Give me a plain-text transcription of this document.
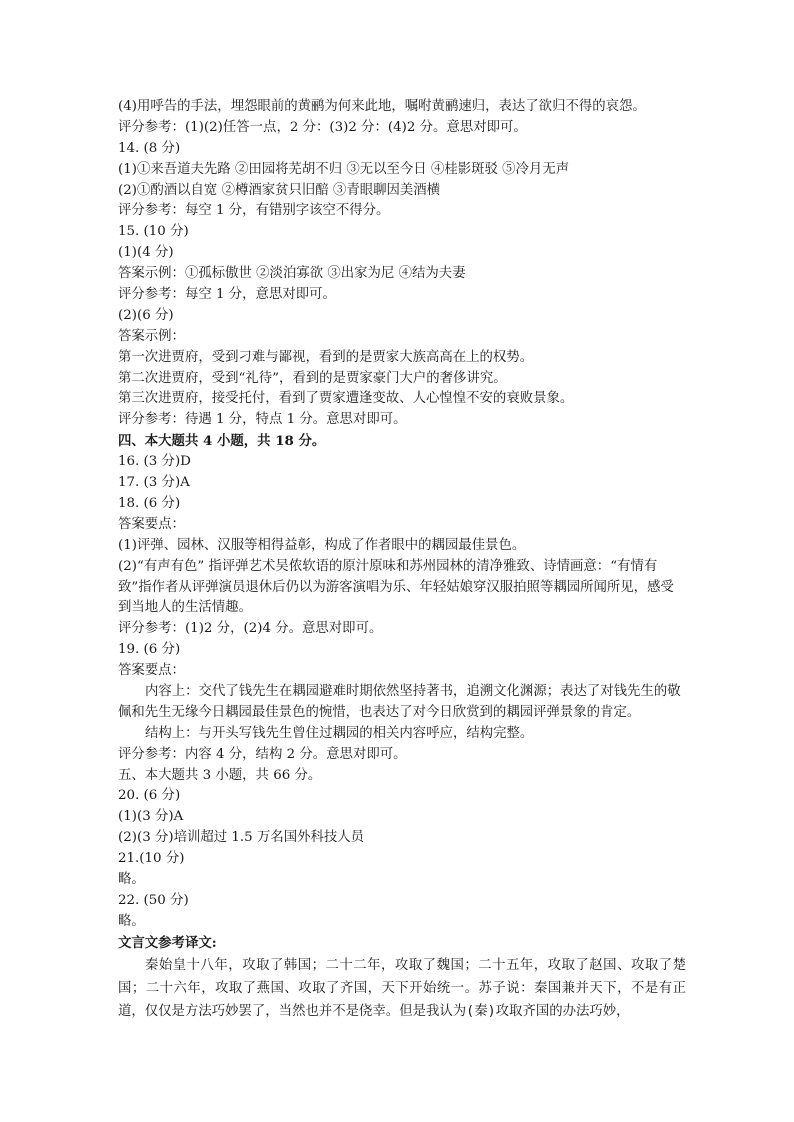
(4)用呼告的手法，埋怨眼前的黄鹂为何来此地，嘱咐黄鹂速归，表达了欲归不得的哀怨。
评分参考：(1)(2)任答一点，2 分：(3)2 分：(4)2 分。意思对即可。
14. (8 分)
(1)①来吾道夫先路 ②田园将芜胡不归 ③无以至今日 ④桂影斑驳 ⑤冷月无声
(2)①酌酒以自宽 ②樽酒家贫只旧醅 ③青眼聊因美酒横
评分参考：每空 1 分，有错别字该空不得分。
15. (10 分)
(1)(4 分)
答案示例：①孤标傲世 ②淡泊寡欲 ③出家为尼 ④结为夫妻
评分参考：每空 1 分，意思对即可。
(2)(6 分)
答案示例：
第一次进贾府，受到刁难与鄙视，看到的是贾家大族高高在上的权势。
第二次进贾府，受到“礼待”，看到的是贾家豪门大户的奢侈讲究。
第三次进贾府，接受托付，看到了贾家遭逢变故、人心惶惶不安的衰败景象。
评分参考：待遇 1 分，特点 1 分。意思对即可。
四、本大题共 4 小题，共 18 分。
16. (3 分)D
17. (3 分)A
18. (6 分)
答案要点：
(1)评弹、园林、汉服等相得益彰，构成了作者眼中的耦园最佳景色。
(2)“有声有色” 指评弹艺术吴侬软语的原汁原味和苏州园林的清净雅致、诗情画意：“有情有致”指作者从评弹演员退休后仍以为游客演唱为乐、年轻姑娘穿汉服拍照等耦园所闻所见，感受到当地人的生活情趣。
评分参考：(1)2 分，(2)4 分。意思对即可。
19. (6 分)
答案要点：
内容上：交代了钱先生在耦园避难时期依然坚持著书，追溯文化渊源；表达了对钱先生的敬佩和先生无缘今日耦园最佳景色的惋惜，也表达了对今日欣赏到的耦园评弹景象的肯定。
结构上：与开头写钱先生曾住过耦园的相关内容呼应，结构完整。
评分参考：内容 4 分，结构 2 分。意思对即可。
五、本大题共 3 小题，共 66 分。
20. (6 分)
(1)(3 分)A
(2)(3 分)培训超过 1.5 万名国外科技人员
21.(10 分)
略。
22. (50 分)
略。
文言文参考译文:
秦始皇十八年，攻取了韩国；二十二年，攻取了魏国；二十五年，攻取了赵国、攻取了楚国；二十六年，攻取了燕国、攻取了齐国，天下开始统一。苏子说：秦国兼并天下，不是有正道，仅仅是方法巧妙罢了，当然也并不是侥幸。但是我认为(秦)攻取齐国的办法巧妙，
